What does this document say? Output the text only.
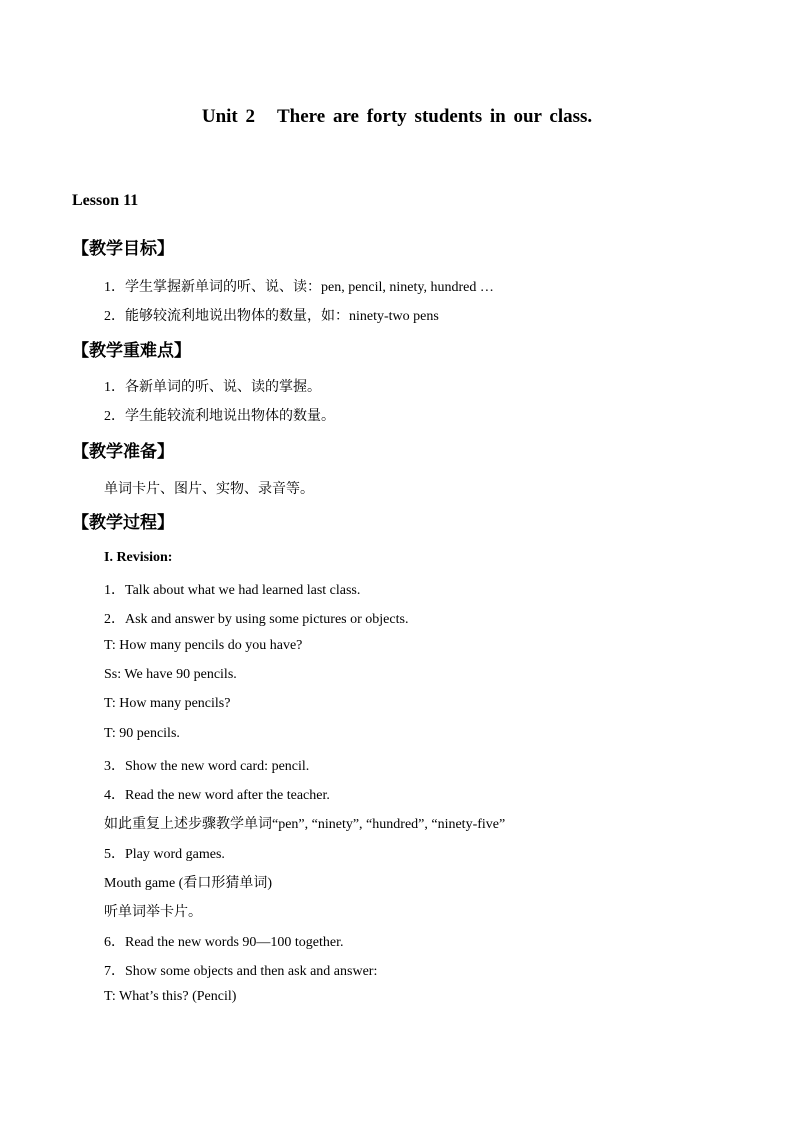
Unit 2 There are forty students in our class.
Lesson 11
【教学目标】
1．学生掌握新单词的听、说、读：pen, pencil, ninety, hundred …
2．能够较流利地说出物体的数量，如：ninety-two pens
【教学重难点】
1．各新单词的听、说、读的掌握。
2．学生能较流利地说出物体的数量。
【教学准备】
单词卡片、图片、实物、录音等。
【教学过程】
I. Revision:
1．Talk about what we had learned last class.
2．Ask and answer by using some pictures or objects.
T: How many pencils do you have?
Ss: We have 90 pencils.
T: How many pencils?
T: 90 pencils.
3．Show the new word card: pencil.
4．Read the new word after the teacher.
如此重复上述步骤教学单词“pen”, “ninety”, “hundred”, “ninety-five”
5．Play word games.
Mouth game (看口形猜单词)
听单词举卡片。
6．Read the new words 90—100 together.
7．Show some objects and then ask and answer:
T: What’s this? (Pencil)
